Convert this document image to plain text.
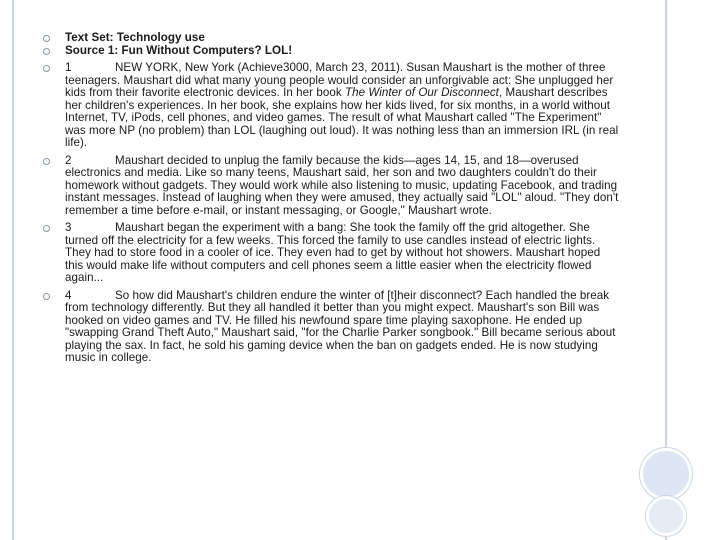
Text Set: Technology use
Source 1: Fun Without Computers? LOL!
1	NEW YORK, New York (Achieve3000, March 23, 2011). Susan Maushart is the mother of three teenagers. Maushart did what many young people would consider an unforgivable act: She unplugged her kids from their favorite electronic devices. In her book The Winter of Our Disconnect, Maushart describes her children's experiences. In her book, she explains how her kids lived, for six months, in a world without Internet, TV, iPods, cell phones, and video games. The result of what Maushart called "The Experiment" was more NP (no problem) than LOL (laughing out loud). It was nothing less than an immersion IRL (in real life).
2	Maushart decided to unplug the family because the kids—ages 14, 15, and 18—overused electronics and media. Like so many teens, Maushart said, her son and two daughters couldn't do their homework without gadgets. They would work while also listening to music, updating Facebook, and trading instant messages. Instead of laughing when they were amused, they actually said "LOL" aloud. "They don't remember a time before e-mail, or instant messaging, or Google," Maushart wrote.
3	Maushart began the experiment with a bang: She took the family off the grid altogether. She turned off the electricity for a few weeks. This forced the family to use candles instead of electric lights. They had to store food in a cooler of ice. They even had to get by without hot showers. Maushart hoped this would make life without computers and cell phones seem a little easier when the electricity flowed again...
4	So how did Maushart's children endure the winter of [t]heir disconnect? Each handled the break from technology differently. But they all handled it better than you might expect. Maushart's son Bill was hooked on video games and TV. He filled his newfound spare time playing saxophone. He ended up "swapping Grand Theft Auto," Maushart said, "for the Charlie Parker songbook." Bill became serious about playing the sax. In fact, he sold his gaming device when the ban on gadgets ended. He is now studying music in college.
